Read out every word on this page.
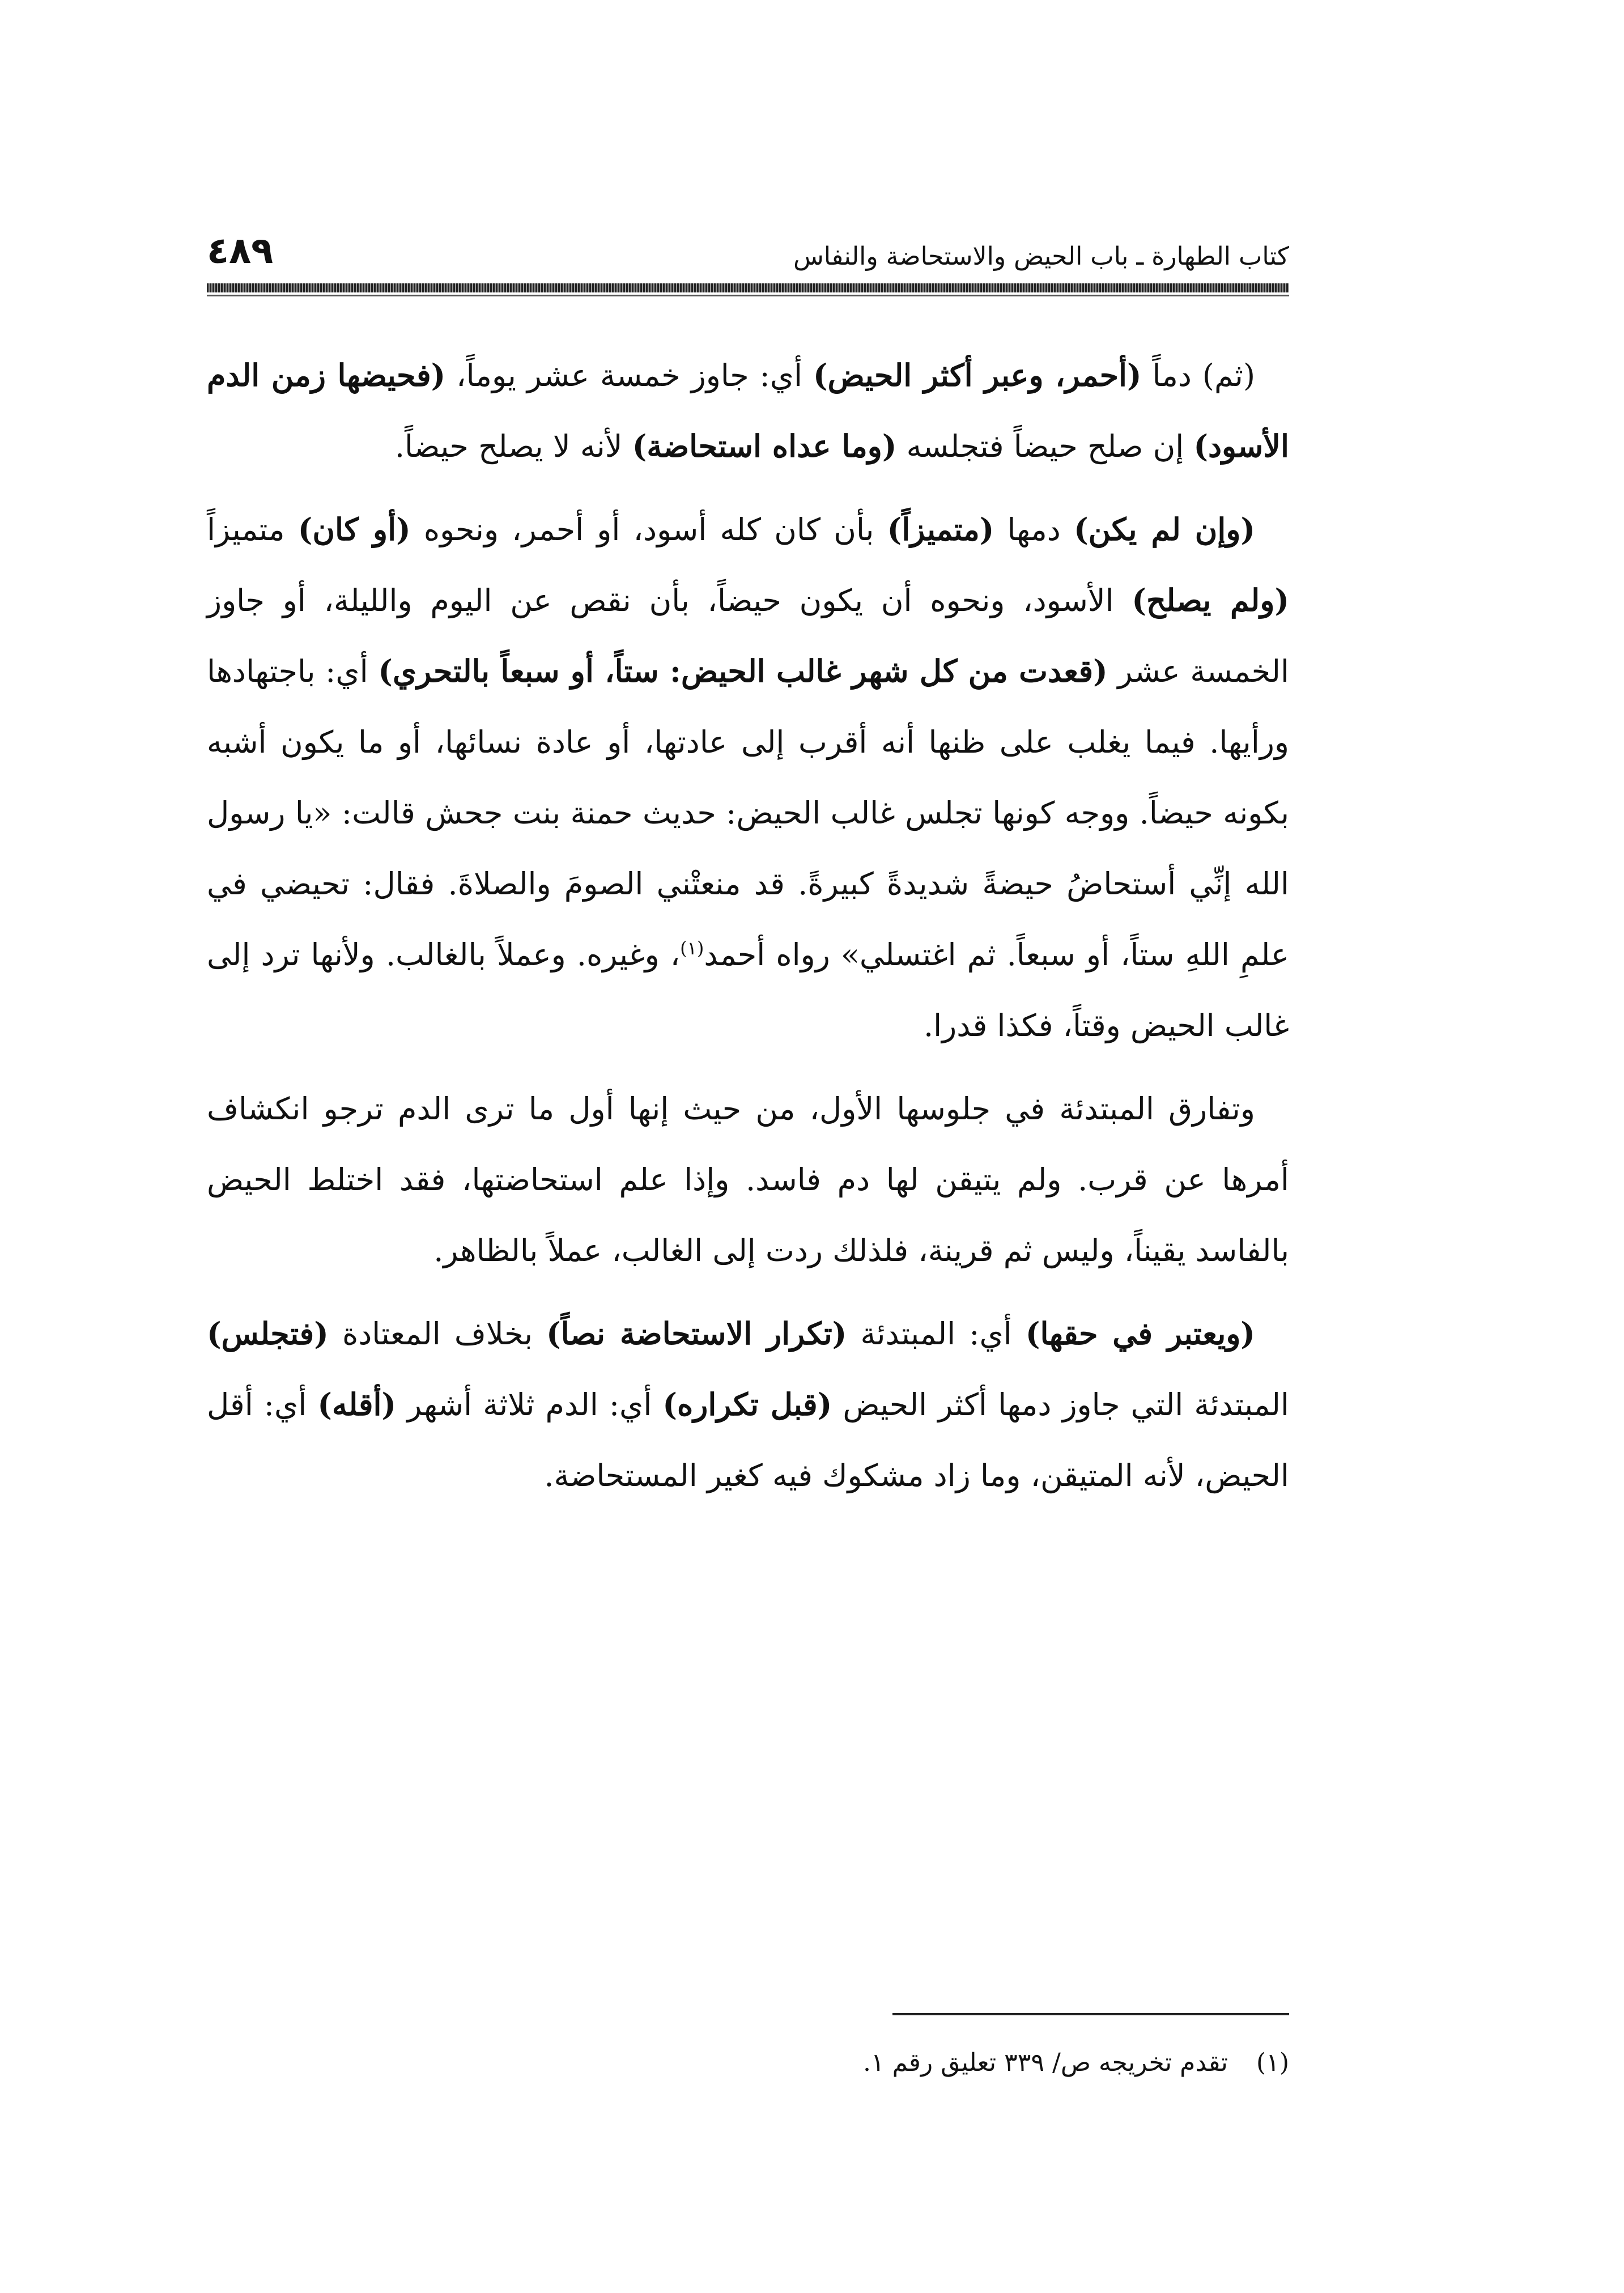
كتاب الطهارة ـ باب الحيض والاستحاضة والنفاس
٤٨٩

(ثم) دماً (أحمر، وعبر أكثر الحيض) أي: جاوز خمسة عشر يوماً، (فحيضها زمن الدم الأسود) إن صلح حيضاً فتجلسه (وما عداه استحاضة) لأنه لا يصلح حيضاً.

(وإن لم يكن) دمها (متميزاً) بأن كان كله أسود، أو أحمر، ونحوه (أو كان) متميزاً (ولم يصلح) الأسود، ونحوه أن يكون حيضاً، بأن نقص عن اليوم والليلة، أو جاوز الخمسة عشر (قعدت من كل شهر غالب الحيض: ستاً، أو سبعاً بالتحري) أي: باجتهادها ورأيها. فيما يغلب على ظنها أنه أقرب إلى عادتها، أو عادة نسائها، أو ما يكون أشبه بكونه حيضاً. ووجه كونها تجلس غالب الحيض: حديث حمنة بنت جحش قالت: «يا رسول الله إنِّي أستحاضُ حيضةً شديدةً كبيرةً. قد منعتْني الصومَ والصلاةَ. فقال: تحيضي في علمِ اللهِ ستاً، أو سبعاً. ثم اغتسلي» رواه أحمد$^{(١)}$، وغيره. وعملاً بالغالب. ولأنها ترد إلى غالب الحيض وقتاً، فكذا قدرا.

وتفارق المبتدئة في جلوسها الأول، من حيث إنها أول ما ترى الدم ترجو انكشاف أمرها عن قرب. ولم يتيقن لها دم فاسد. وإذا علم استحاضتها، فقد اختلط الحيض بالفاسد يقيناً، وليس ثم قرينة، فلذلك ردت إلى الغالب، عملاً بالظاهر.

(ويعتبر في حقها) أي: المبتدئة (تكرار الاستحاضة نصاً) بخلاف المعتادة (فتجلس) المبتدئة التي جاوز دمها أكثر الحيض (قبل تكراره) أي: الدم ثلاثة أشهر (أقله) أي: أقل الحيض، لأنه المتيقن، وما زاد مشكوك فيه كغير المستحاضة.

(١)
تقدم تخريجه ص/ ٣٣٩ تعليق رقم ١.
